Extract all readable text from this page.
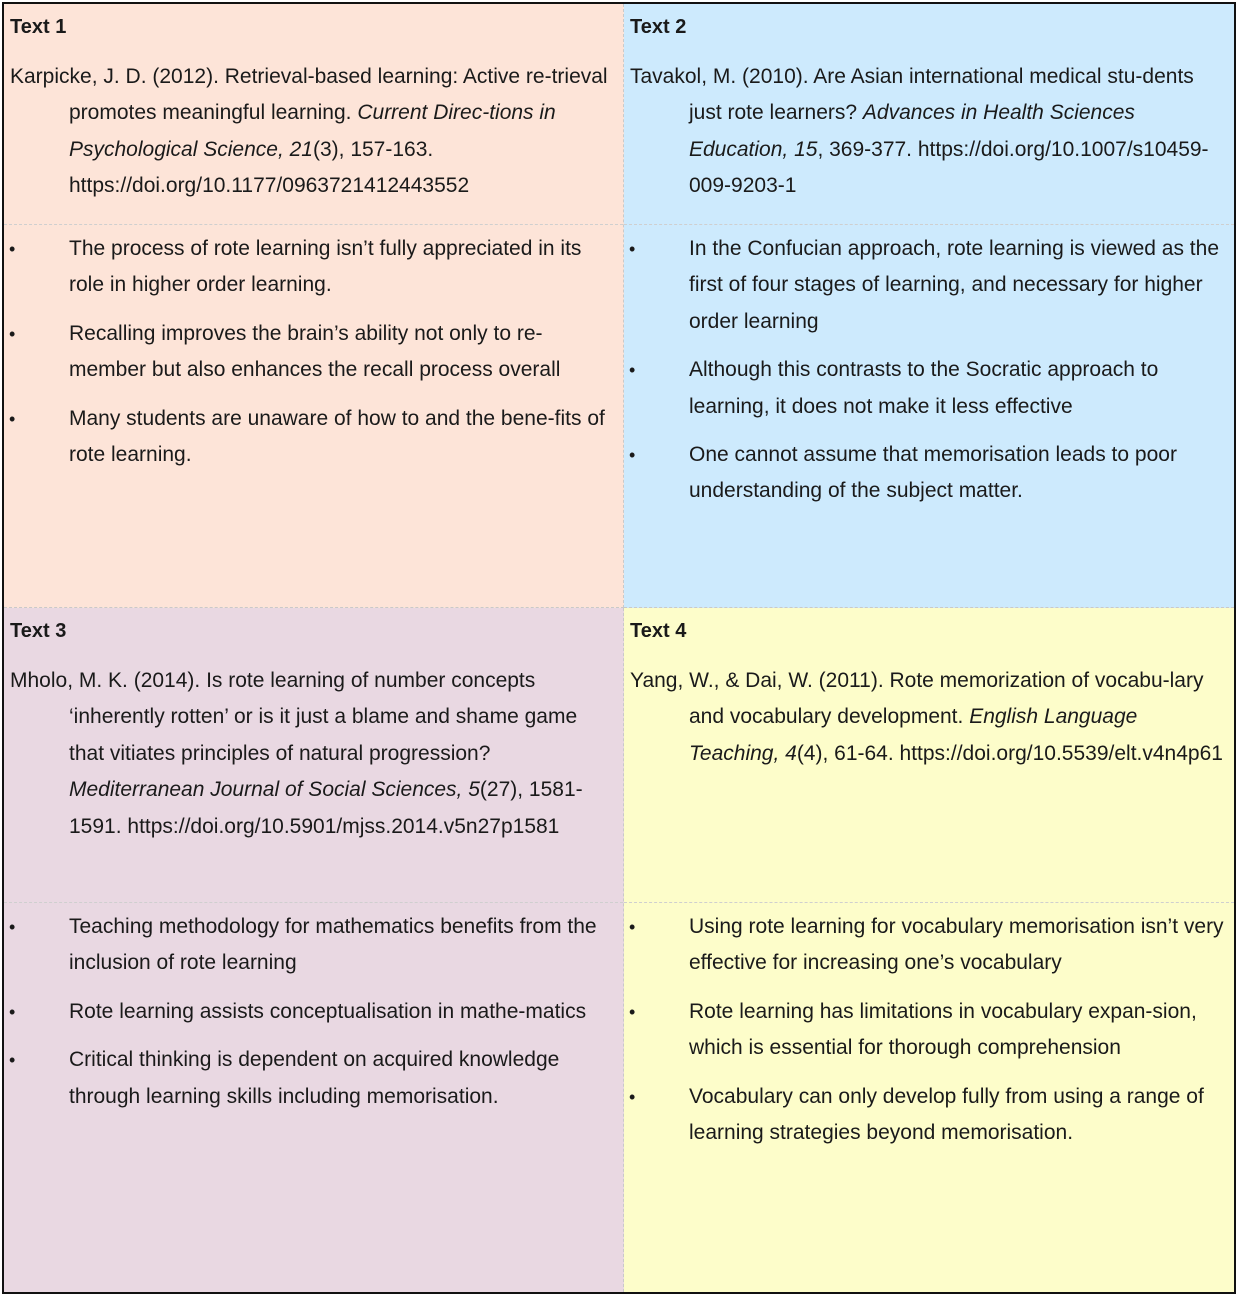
Text 1

Karpicke, J. D. (2012). Retrieval-based learning: Active re-trieval promotes meaningful learning. Current Direc-tions in Psychological Science, 21(3), 157-163. https://doi.org/10.1177/0963721412443552

•	The process of rote learning isn’t fully appreciated in its role in higher order learning.
•	Recalling improves the brain’s ability not only to re-member but also enhances the recall process overall
•	Many students are unaware of how to and the bene-fits of rote learning.

Text 2

Tavakol, M. (2010). Are Asian international medical stu-dents just rote learners? Advances in Health Sciences Education, 15, 369-377. https://doi.org/10.1007/s10459-009-9203-1

•	In the Confucian approach, rote learning is viewed as the first of four stages of learning, and necessary for higher order learning
•	Although this contrasts to the Socratic approach to learning, it does not make it less effective
•	One cannot assume that memorisation leads to poor understanding of the subject matter.

Text 3

Mholo, M. K. (2014). Is rote learning of number concepts ‘inherently rotten’ or is it just a blame and shame game that vitiates principles of natural progression? Mediterranean Journal of Social Sciences, 5(27), 1581-1591. https://doi.org/10.5901/mjss.2014.v5n27p1581

•	Teaching methodology for mathematics benefits from the inclusion of rote learning
•	Rote learning assists conceptualisation in mathe-matics
•	Critical thinking is dependent on acquired knowledge through learning skills including memorisation.

Text 4

Yang, W., & Dai, W. (2011). Rote memorization of vocabu-lary and vocabulary development. English Language Teaching, 4(4), 61-64. https://doi.org/10.5539/elt.v4n4p61

•	Using rote learning for vocabulary memorisation isn’t very effective for increasing one’s vocabulary
•	Rote learning has limitations in vocabulary expan-sion, which is essential for thorough comprehension
•	Vocabulary can only develop fully from using a range of learning strategies beyond memorisation.
